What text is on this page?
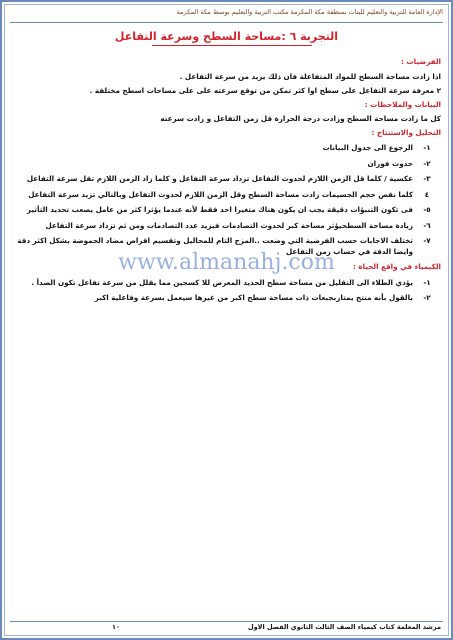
الإدارة العامة للتربية والتعليم للبنات بمنطقة مكة المكرمة مكتب التربية والتعليم بوسط مكة المكرمة
التجربة ٦ :مساحة السطح وسرعة التفاعل
الفرضيات :
اذا زادت مساحة السطح للمواد المتفاعلة فان ذلك يزيد من سرعة التفاعل .
٢ معرفة سرعة التفاعل على سطح اوا كثر تمكن من توقع سرعته على على مساحات اسطح مختلفة .
البيانات والملاحظات :
كل ما زادت مساحة السطح وزادت درجة الحرارة قل زمن التفاعل و زادت سرعته
التحليل والاستنتاج :
١-
الرجوع الى جدول البيانات
٢-
حدوث فوران
٣-
عكسية / كلما قل الزمن اللازم لحدوث التفاعل تزداد سرعة التفاعل و كلما زاد الزمن اللازم تقل سرعة التفاعل
٤
كلما نقص حجم الجسيمات زادت مساحة السطح وقل الزمن اللازم لحدوث التفاعل وبالتالي تزيد سرعة التفاعل
٥-
فى تكون التنبؤات دقيقة يجب ان يكون هناك متغيرا احد فقط لأنه عندما يؤثرا كثر من عامل يصعب تحديد التأثير
٦-
زيادة مساحة السطحيؤثر مساحة كبر لحدوث التصادمات فيزيد عدد التصادمات ومن ثم تزداد سرعة التفاعل
٧-
تختلف الاجابات حسب الفرضية التي وضعت ..المزج التام للمحاليل وتقسيم اقراص مضاد الحموضة بشكل اكثر دقة وايضا الدقة في حساب زمن التفاعل
الكيمياء في واقع الحياة :
١-
يؤدي الطلاء الى التقليل من مساحة سطح الحديد المعرض للا كسجين مما يقلل من سرعة تفاعل تكون الصدأ .
٢-
بالقول بأنه منتج يمتازبجبعات ذات مساحة سطح اكبر من غيرها سيعمل بسرعة وفاعلية اكبر
www.almanahj.com
مرشد المعلمة كتاب كيمياء الصف الثالث الثانوي الفصل الاول
١٠
